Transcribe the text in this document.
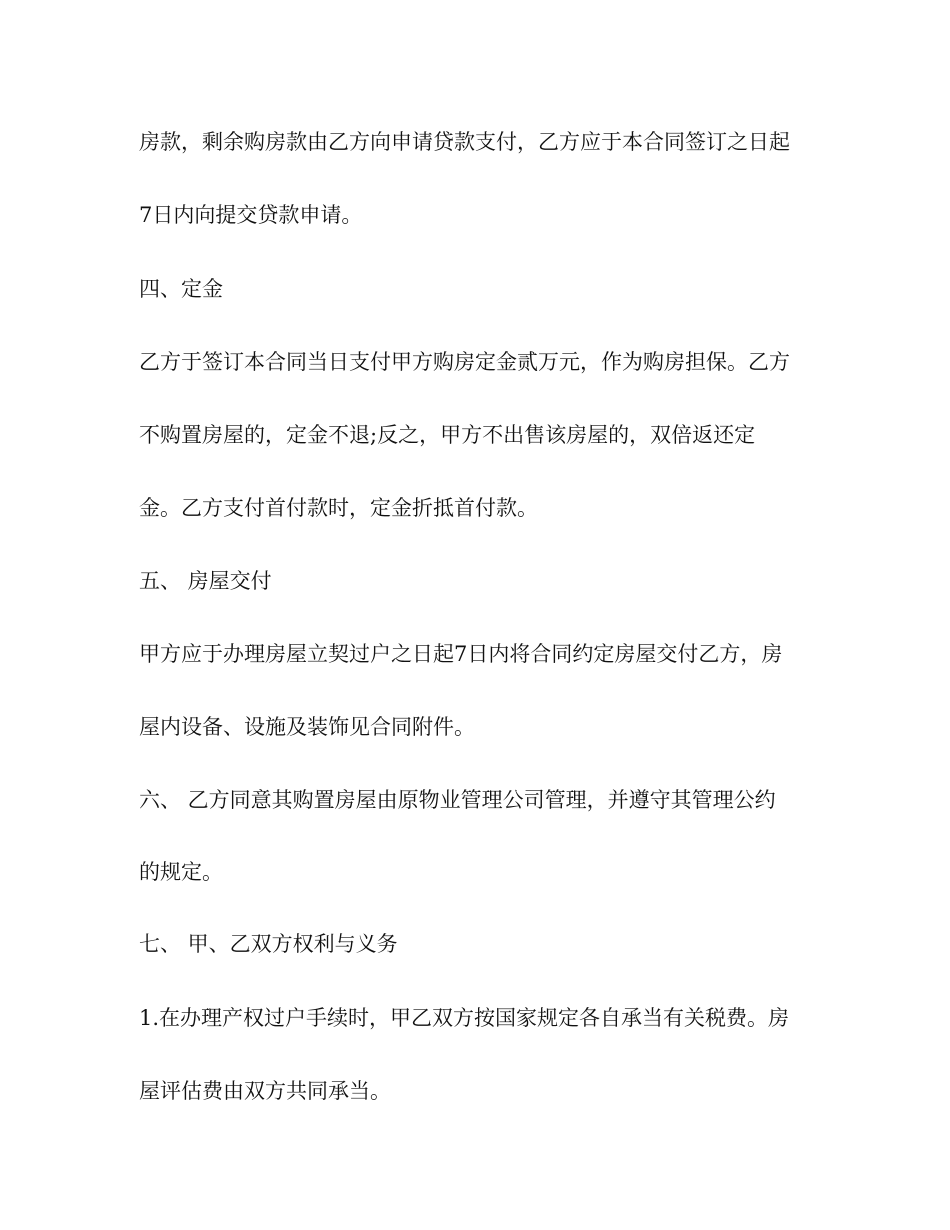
房款，剩余购房款由乙方向申请贷款支付，乙方应于本合同签订之日起

7日内向提交贷款申请。

四、定金

乙方于签订本合同当日支付甲方购房定金贰万元，作为购房担保。乙方

不购置房屋的，定金不退;反之，甲方不出售该房屋的，双倍返还定

金。乙方支付首付款时，定金折抵首付款。

五、 房屋交付

甲方应于办理房屋立契过户之日起7日内将合同约定房屋交付乙方，房

屋内设备、设施及装饰见合同附件。

六、 乙方同意其购置房屋由原物业管理公司管理，并遵守其管理公约

的规定。

七、 甲、乙双方权利与义务

1.在办理产权过户手续时，甲乙双方按国家规定各自承当有关税费。房

屋评估费由双方共同承当。
